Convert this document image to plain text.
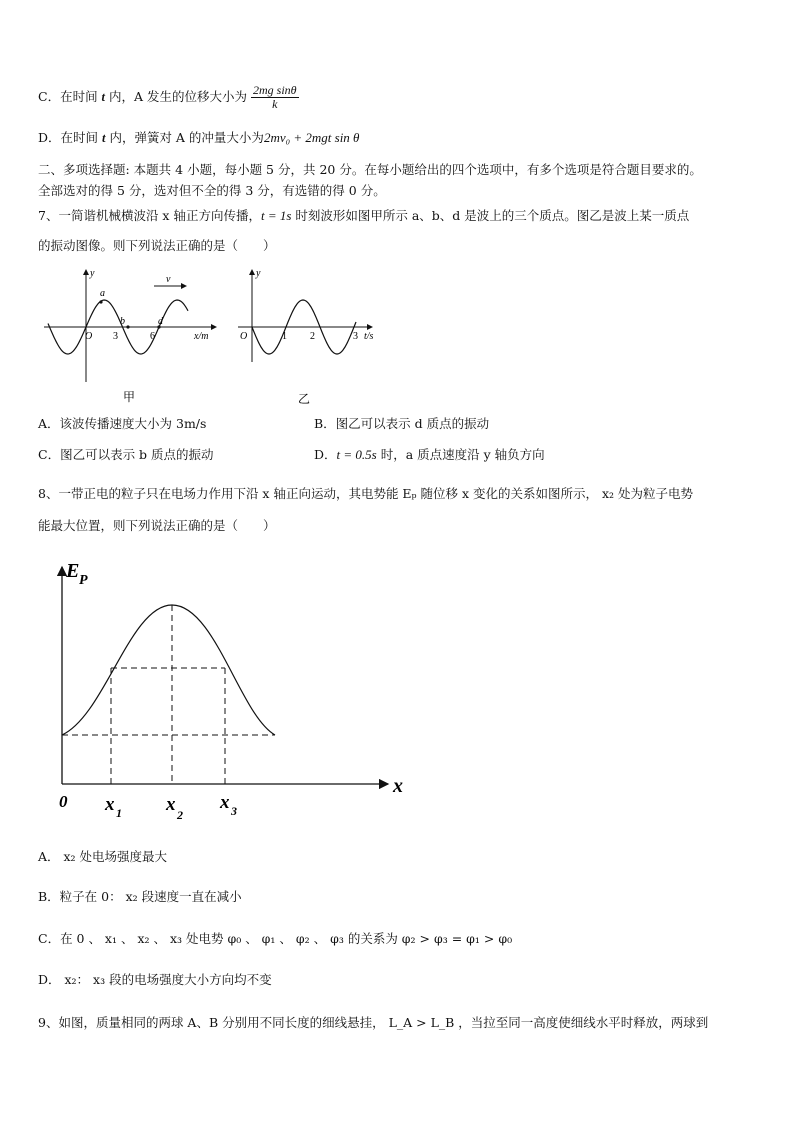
C．在时间 t 内，A 发生的位移大小为 $\frac{\text{2mg sinθ}}{k}$
D．在时间 t 内，弹簧对 A 的冲量大小为2mv₀ + 2mgt sin θ
二、多项选择题: 本题共 4 小题，每小题 5 分，共 20 分。在每小题给出的四个选项中，有多个选项是符合题目要求的。
全部选对的得 5 分，选对但不全的得 3 分，有选错的得 0 分。
7、一简谐机械横波沿 x 轴正方向传播，t = 1s 时刻波形如图甲所示 a、b、d 是波上的三个质点。图乙是波上某一质点
的振动图像。则下列说法正确的是（　　）
y
v
a
b	d
O 3	6	x/m
甲
y
O	1 2	3 t/s
乙
A．该波传播速度大小为 3m/s	B．图乙可以表示 d 质点的振动
C．图乙可以表示 b 质点的振动	D．t = 0.5s 时，a 质点速度沿 y 轴负方向
8、一带正电的粒子只在电场力作用下沿 x 轴正向运动，其电势能 Eₚ 随位移 x 变化的关系如图所示， x₂ 处为粒子电势
能最大位置，则下列说法正确的是（　　）
E P
x
0 x 1 x 2
x 3
A． x₂ 处电场强度最大
B．粒子在 0： x₂ 段速度一直在减小
C．在 0 、 x₁ 、 x₂ 、 x₃ 处电势 φ₀ 、 φ₁ 、 φ₂ 、 φ₃ 的关系为 φ₂ > φ₃ = φ₁ > φ₀
D． x₂： x₃ 段的电场强度大小方向均不变
9、如图，质量相同的两球 A、B 分别用不同长度的细线悬挂， L_A > L_B ，当拉至同一高度使细线水平时释放，两球到
